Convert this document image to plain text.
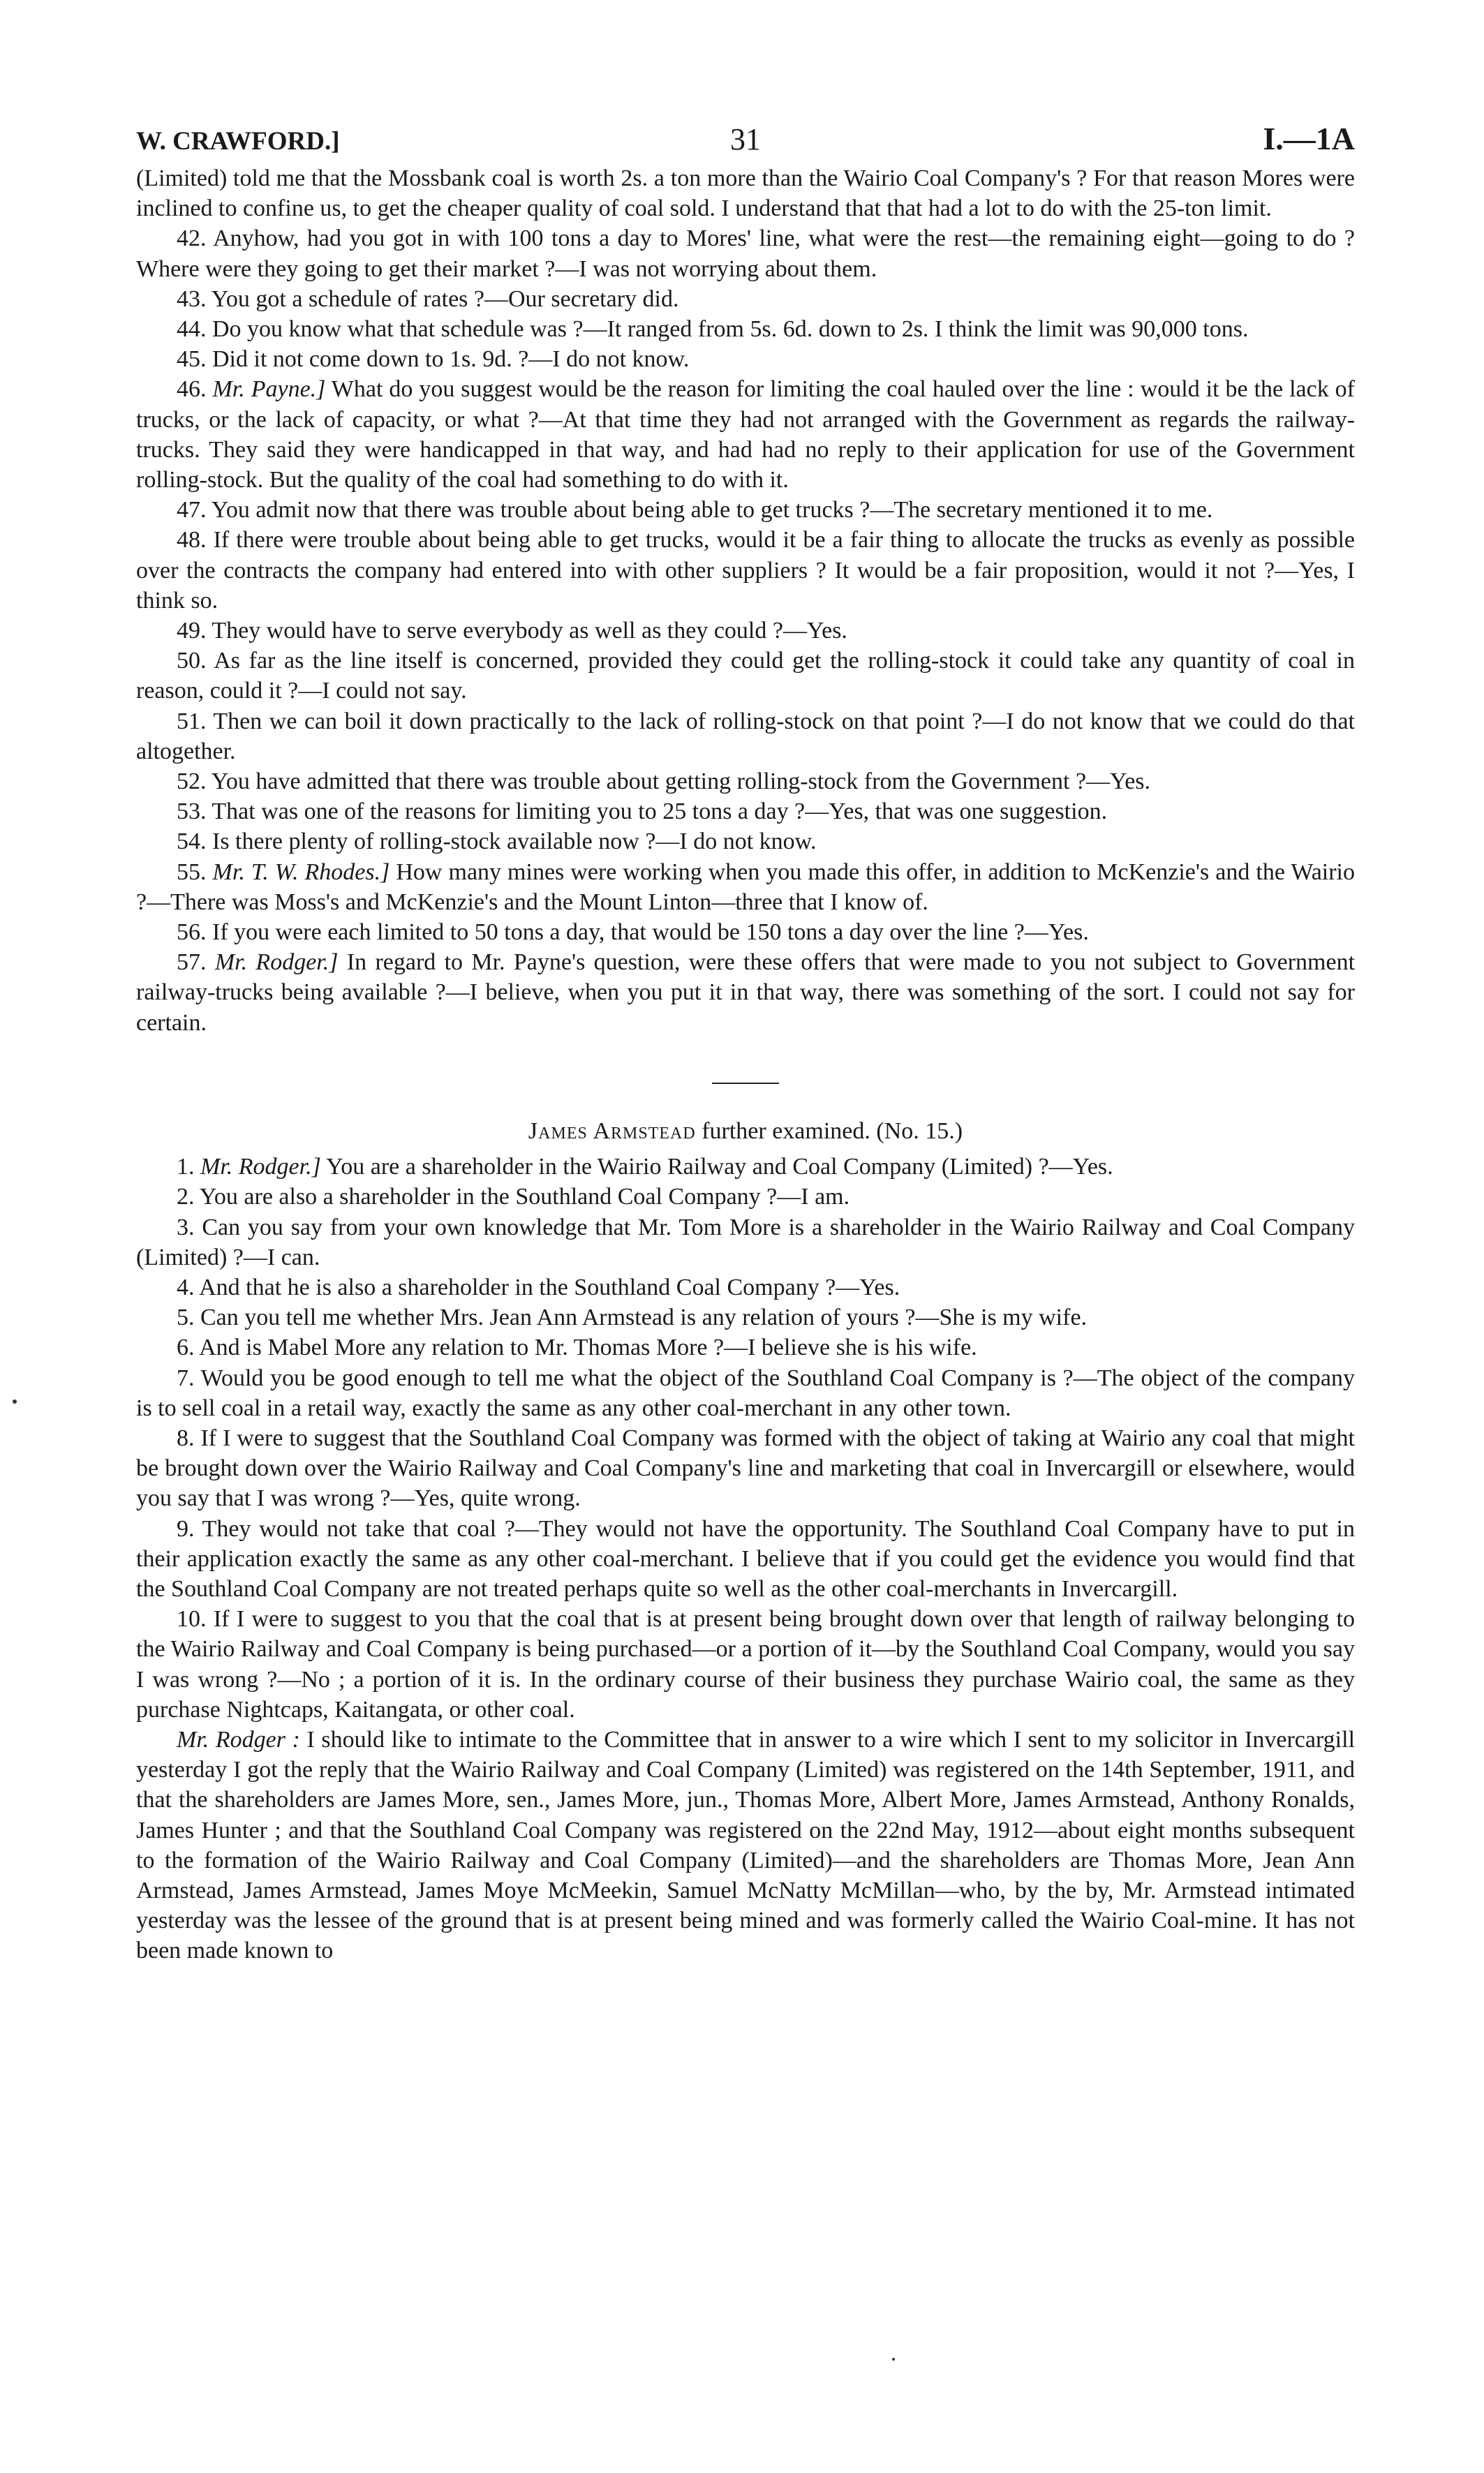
W. CRAWFORD.]	31	I.—1A

(Limited) told me that the Mossbank coal is worth 2s. a ton more than the Wairio Coal Company's ? For that reason Mores were inclined to confine us, to get the cheaper quality of coal sold. I understand that that had a lot to do with the 25-ton limit.

42. Anyhow, had you got in with 100 tons a day to Mores' line, what were the rest—the remaining eight—going to do ? Where were they going to get their market ?—I was not worrying about them.

43. You got a schedule of rates ?—Our secretary did.

44. Do you know what that schedule was ?—It ranged from 5s. 6d. down to 2s. I think the limit was 90,000 tons.

45. Did it not come down to 1s. 9d. ?—I do not know.

46. Mr. Payne.] What do you suggest would be the reason for limiting the coal hauled over the line : would it be the lack of trucks, or the lack of capacity, or what ?—At that time they had not arranged with the Government as regards the railway-trucks. They said they were handicapped in that way, and had had no reply to their application for use of the Government rolling-stock. But the quality of the coal had something to do with it.

47. You admit now that there was trouble about being able to get trucks ?—The secretary mentioned it to me.

48. If there were trouble about being able to get trucks, would it be a fair thing to allocate the trucks as evenly as possible over the contracts the company had entered into with other suppliers ? It would be a fair proposition, would it not ?—Yes, I think so.

49. They would have to serve everybody as well as they could ?—Yes.

50. As far as the line itself is concerned, provided they could get the rolling-stock it could take any quantity of coal in reason, could it ?—I could not say.

51. Then we can boil it down practically to the lack of rolling-stock on that point ?—I do not know that we could do that altogether.

52. You have admitted that there was trouble about getting rolling-stock from the Government ?—Yes.

53. That was one of the reasons for limiting you to 25 tons a day ?—Yes, that was one suggestion.

54. Is there plenty of rolling-stock available now ?—I do not know.

55. Mr. T. W. Rhodes.] How many mines were working when you made this offer, in addition to McKenzie's and the Wairio ?—There was Moss's and McKenzie's and the Mount Linton—three that I know of.

56. If you were each limited to 50 tons a day, that would be 150 tons a day over the line ?—Yes.

57. Mr. Rodger.] In regard to Mr. Payne's question, were these offers that were made to you not subject to Government railway-trucks being available ?—I believe, when you put it in that way, there was something of the sort. I could not say for certain.

James Armstead further examined. (No. 15.)

1. Mr. Rodger.] You are a shareholder in the Wairio Railway and Coal Company (Limited) ?—Yes.

2. You are also a shareholder in the Southland Coal Company ?—I am.

3. Can you say from your own knowledge that Mr. Tom More is a shareholder in the Wairio Railway and Coal Company (Limited) ?—I can.

4. And that he is also a shareholder in the Southland Coal Company ?—Yes.

5. Can you tell me whether Mrs. Jean Ann Armstead is any relation of yours ?—She is my wife.

6. And is Mabel More any relation to Mr. Thomas More ?—I believe she is his wife.

7. Would you be good enough to tell me what the object of the Southland Coal Company is ?—The object of the company is to sell coal in a retail way, exactly the same as any other coal-merchant in any other town.

8. If I were to suggest that the Southland Coal Company was formed with the object of taking at Wairio any coal that might be brought down over the Wairio Railway and Coal Company's line and marketing that coal in Invercargill or elsewhere, would you say that I was wrong ?—Yes, quite wrong.

9. They would not take that coal ?—They would not have the opportunity. The Southland Coal Company have to put in their application exactly the same as any other coal-merchant. I believe that if you could get the evidence you would find that the Southland Coal Company are not treated perhaps quite so well as the other coal-merchants in Invercargill.

10. If I were to suggest to you that the coal that is at present being brought down over that length of railway belonging to the Wairio Railway and Coal Company is being purchased—or a portion of it—by the Southland Coal Company, would you say I was wrong ?—No ; a portion of it is. In the ordinary course of their business they purchase Wairio coal, the same as they purchase Nightcaps, Kaitangata, or other coal.

Mr. Rodger : I should like to intimate to the Committee that in answer to a wire which I sent to my solicitor in Invercargill yesterday I got the reply that the Wairio Railway and Coal Company (Limited) was registered on the 14th September, 1911, and that the shareholders are James More, sen., James More, jun., Thomas More, Albert More, James Armstead, Anthony Ronalds, James Hunter ; and that the Southland Coal Company was registered on the 22nd May, 1912—about eight months subsequent to the formation of the Wairio Railway and Coal Company (Limited)—and the shareholders are Thomas More, Jean Ann Armstead, James Armstead, James Moye McMeekin, Samuel McNatty McMillan—who, by the by, Mr. Armstead intimated yesterday was the lessee of the ground that is at present being mined and was formerly called the Wairio Coal-mine. It has not been made known to
